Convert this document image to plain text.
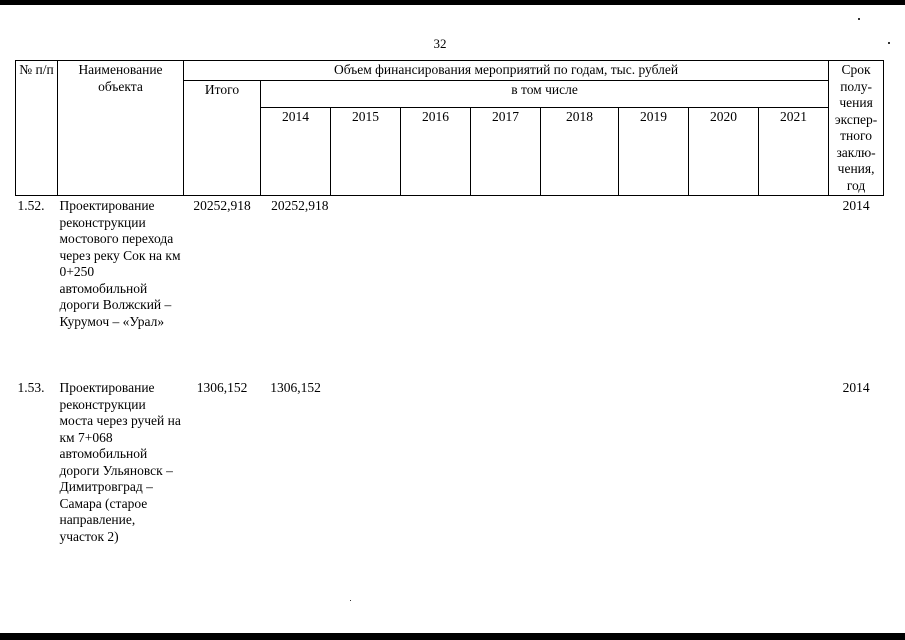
32
№ п/п	Наименование объекта	Объем финансирования мероприятий по годам, тыс. рублей									Срок полу-чения экспер-тного заклю-чения, год
		Итого	в том числе								
			2014	2015	2016	2017	2018	2019	2020	2021	
1.52.	Проектирование реконструкции мостового перехода через реку Сок на км 0+250 автомобильной дороги Волжский – Курумоч – «Урал»	20252,918	20252,918								2014
1.53.	Проектирование реконструкции моста через ручей на км 7+068 автомобильной дороги Ульяновск – Димитровград – Самара (старое направление, участок 2)	1306,152	1306,152								2014
